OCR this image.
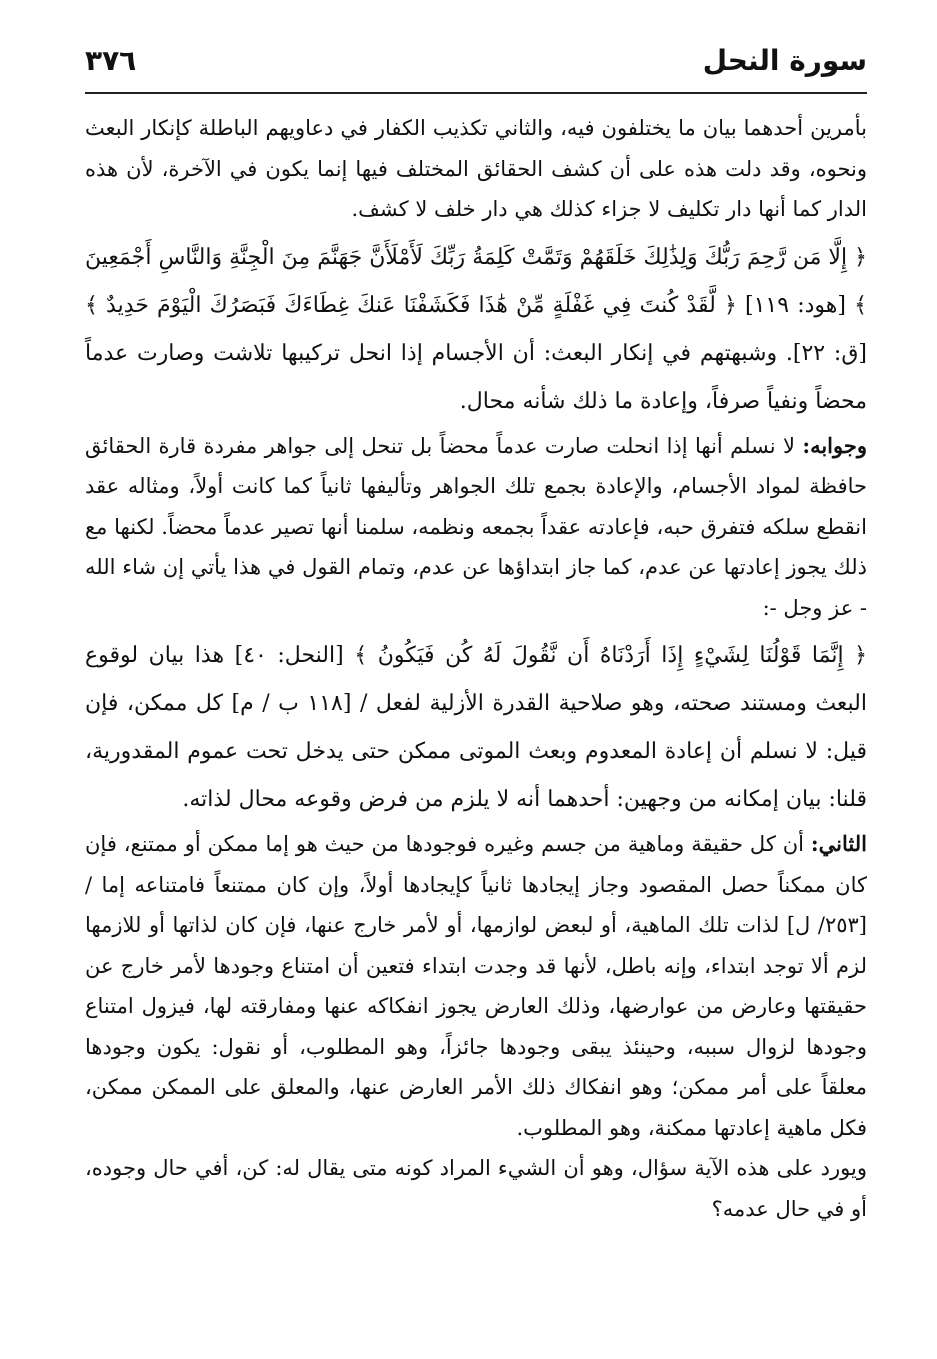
سورة النحل
٣٧٦

بأمرين أحدهما بيان ما يختلفون فيه، والثاني تكذيب الكفار في دعاويهم الباطلة كإنكار البعث ونحوه، وقد دلت هذه على أن كشف الحقائق المختلف فيها إنما يكون في الآخرة، لأن هذه الدار كما أنها دار تكليف لا جزاء كذلك هي دار خلف لا كشف.

﴿ إِلَّا مَن رَّحِمَ رَبُّكَ وَلِذَٰلِكَ خَلَقَهُمْ وَتَمَّتْ كَلِمَةُ رَبِّكَ لَأَمْلَأَنَّ جَهَنَّمَ مِنَ الْجِنَّةِ وَالنَّاسِ أَجْمَعِينَ ﴾ [هود: ١١٩] ﴿ لَّقَدْ كُنتَ فِي غَفْلَةٍ مِّنْ هَٰذَا فَكَشَفْنَا عَنكَ غِطَاءَكَ فَبَصَرُكَ الْيَوْمَ حَدِيدٌ ﴾ [ق: ٢٢]. وشبهتهم في إنكار البعث: أن الأجسام إذا انحل تركيبها تلاشت وصارت عدماً محضاً ونفياً صرفاً، وإعادة ما ذلك شأنه محال.

وجوابه: لا نسلم أنها إذا انحلت صارت عدماً محضاً بل تنحل إلى جواهر مفردة قارة الحقائق حافظة لمواد الأجسام، والإعادة بجمع تلك الجواهر وتأليفها ثانياً كما كانت أولاً، ومثاله عقد انقطع سلكه فتفرق حبه، فإعادته عقداً بجمعه ونظمه، سلمنا أنها تصير عدماً محضاً. لكنها مع ذلك يجوز إعادتها عن عدم، كما جاز ابتداؤها عن عدم، وتمام القول في هذا يأتي إن شاء الله - عز وجل -:

﴿ إِنَّمَا قَوْلُنَا لِشَيْءٍ إِذَا أَرَدْنَاهُ أَن نَّقُولَ لَهُ كُن فَيَكُونُ ﴾ [النحل: ٤٠] هذا بيان لوقوع البعث ومستند صحته، وهو صلاحية القدرة الأزلية لفعل / [١١٨ ب / م] كل ممكن، فإن قيل: لا نسلم أن إعادة المعدوم وبعث الموتى ممكن حتى يدخل تحت عموم المقدورية، قلنا: بيان إمكانه من وجهين: أحدهما أنه لا يلزم من فرض وقوعه محال لذاته.

الثاني: أن كل حقيقة وماهية من جسم وغيره فوجودها من حيث هو إما ممكن أو ممتنع، فإن كان ممكناً حصل المقصود وجاز إيجادها ثانياً كإيجادها أولاً، وإن كان ممتنعاً فامتناعه إما / [٢٥٣/ ل] لذات تلك الماهية، أو لبعض لوازمها، أو لأمر خارج عنها، فإن كان لذاتها أو للازمها لزم ألا توجد ابتداء، وإنه باطل، لأنها قد وجدت ابتداء فتعين أن امتناع وجودها لأمر خارج عن حقيقتها وعارض من عوارضها، وذلك العارض يجوز انفكاكه عنها ومفارقته لها، فيزول امتناع وجودها لزوال سببه، وحينئذ يبقى وجودها جائزاً، وهو المطلوب، أو نقول: يكون وجودها معلقاً على أمر ممكن؛ وهو انفكاك ذلك الأمر العارض عنها، والمعلق على الممكن ممكن، فكل ماهية إعادتها ممكنة، وهو المطلوب.

ويورد على هذه الآية سؤال، وهو أن الشيء المراد كونه متى يقال له: كن، أفي حال وجوده، أو في حال عدمه؟
